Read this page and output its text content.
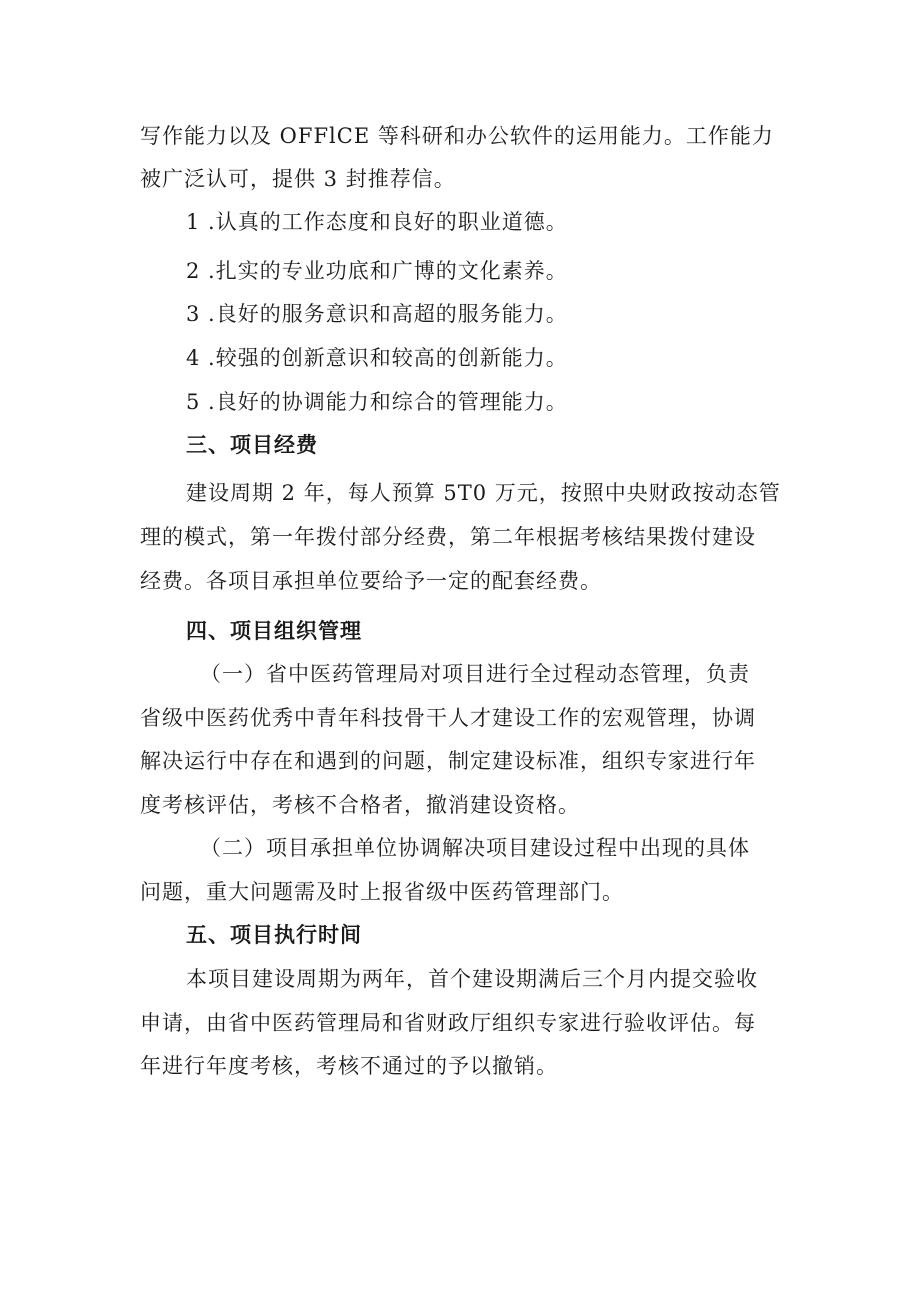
写作能力以及 OFFlCE 等科研和办公软件的运用能力。工作能力
被广泛认可，提供 3 封推荐信。
1 .认真的工作态度和良好的职业道德。
2 .扎实的专业功底和广博的文化素养。
3 .良好的服务意识和高超的服务能力。
4 .较强的创新意识和较高的创新能力。
5 .良好的协调能力和综合的管理能力。
三、项目经费
建设周期 2 年，每人预算 5T0 万元，按照中央财政按动态管
理的模式，第一年拨付部分经费，第二年根据考核结果拨付建设
经费。各项目承担单位要给予一定的配套经费。
四、项目组织管理
（一）省中医药管理局对项目进行全过程动态管理，负责
省级中医药优秀中青年科技骨干人才建设工作的宏观管理，协调
解决运行中存在和遇到的问题，制定建设标准，组织专家进行年
度考核评估，考核不合格者，撤消建设资格。
（二）项目承担单位协调解决项目建设过程中出现的具体
问题，重大问题需及时上报省级中医药管理部门。
五、项目执行时间
本项目建设周期为两年，首个建设期满后三个月内提交验收
申请，由省中医药管理局和省财政厅组织专家进行验收评估。每
年进行年度考核，考核不通过的予以撤销。
